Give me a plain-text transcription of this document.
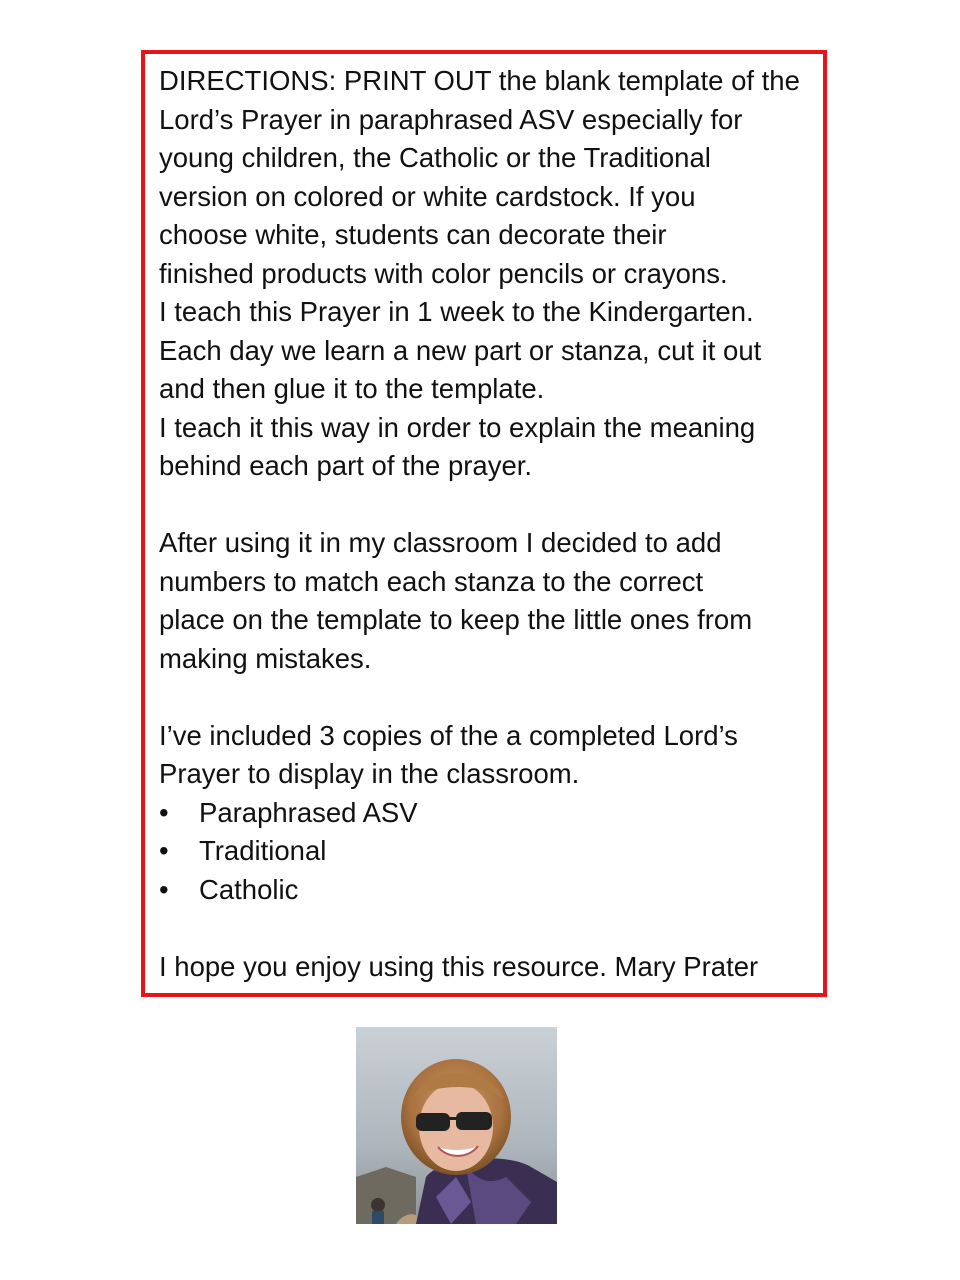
DIRECTIONS: PRINT OUT the blank template of the
Lord’s Prayer in paraphrased ASV especially for
young children, the Catholic or the Traditional
version on colored or white cardstock. If you
choose white, students can decorate their
finished products with color pencils or crayons.
I teach this Prayer in 1 week to the Kindergarten.
Each day we learn a new part or stanza, cut it out
and then glue it to the template.
I teach it this way in order to explain the meaning
behind each part of the prayer.
After using it in my classroom I decided to add
numbers to match each stanza to the correct
place on the template to keep the little ones from
making mistakes.
I’ve included 3 copies of the a completed Lord’s
Prayer to display in the classroom.
• Paraphrased ASV
• Traditional
• Catholic
I hope you enjoy using this resource. Mary Prater
